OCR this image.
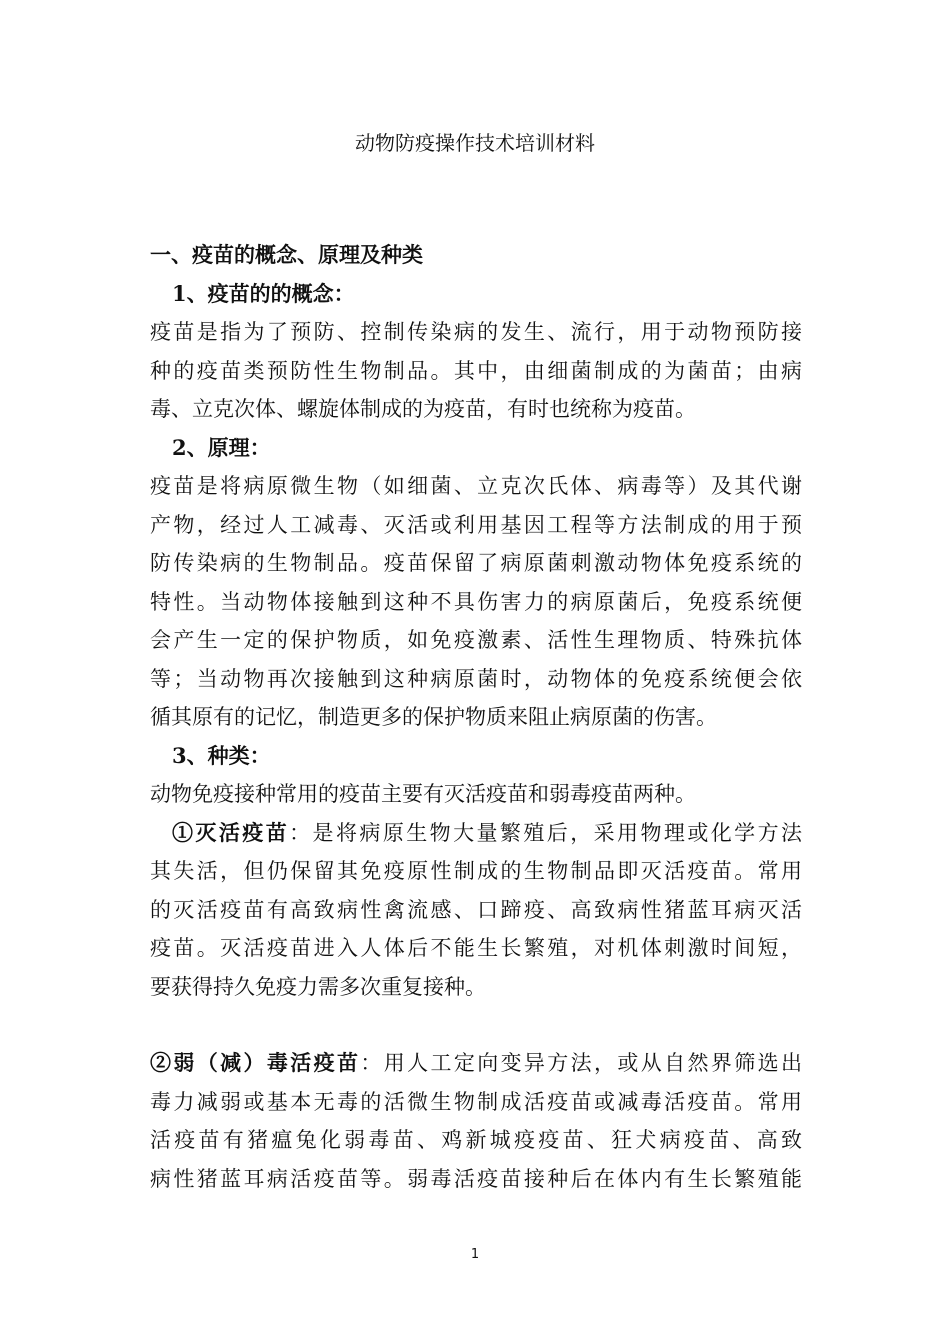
动物防疫操作技术培训材料
一、疫苗的概念、原理及种类
1、疫苗的的概念：
疫苗是指为了预防、控制传染病的发生、流行，用于动物预防接
种的疫苗类预防性生物制品。其中，由细菌制成的为菌苗；由病
毒、立克次体、螺旋体制成的为疫苗，有时也统称为疫苗。
2、原理：
疫苗是将病原微生物（如细菌、立克次氏体、病毒等）及其代谢
产物，经过人工减毒、灭活或利用基因工程等方法制成的用于预
防传染病的生物制品。疫苗保留了病原菌刺激动物体免疫系统的
特性。当动物体接触到这种不具伤害力的病原菌后，免疫系统便
会产生一定的保护物质，如免疫激素、活性生理物质、特殊抗体
等；当动物再次接触到这种病原菌时，动物体的免疫系统便会依
循其原有的记忆，制造更多的保护物质来阻止病原菌的伤害。
3、种类：
动物免疫接种常用的疫苗主要有灭活疫苗和弱毒疫苗两种。
①灭活疫苗：是将病原生物大量繁殖后，采用物理或化学方法
其失活，但仍保留其免疫原性制成的生物制品即灭活疫苗。常用
的灭活疫苗有高致病性禽流感、口蹄疫、高致病性猪蓝耳病灭活
疫苗。灭活疫苗进入人体后不能生长繁殖，对机体刺激时间短，
要获得持久免疫力需多次重复接种。
②弱（减）毒活疫苗：用人工定向变异方法，或从自然界筛选出
毒力减弱或基本无毒的活微生物制成活疫苗或减毒活疫苗。常用
活疫苗有猪瘟兔化弱毒苗、鸡新城疫疫苗、狂犬病疫苗、高致
病性猪蓝耳病活疫苗等。弱毒活疫苗接种后在体内有生长繁殖能
1
